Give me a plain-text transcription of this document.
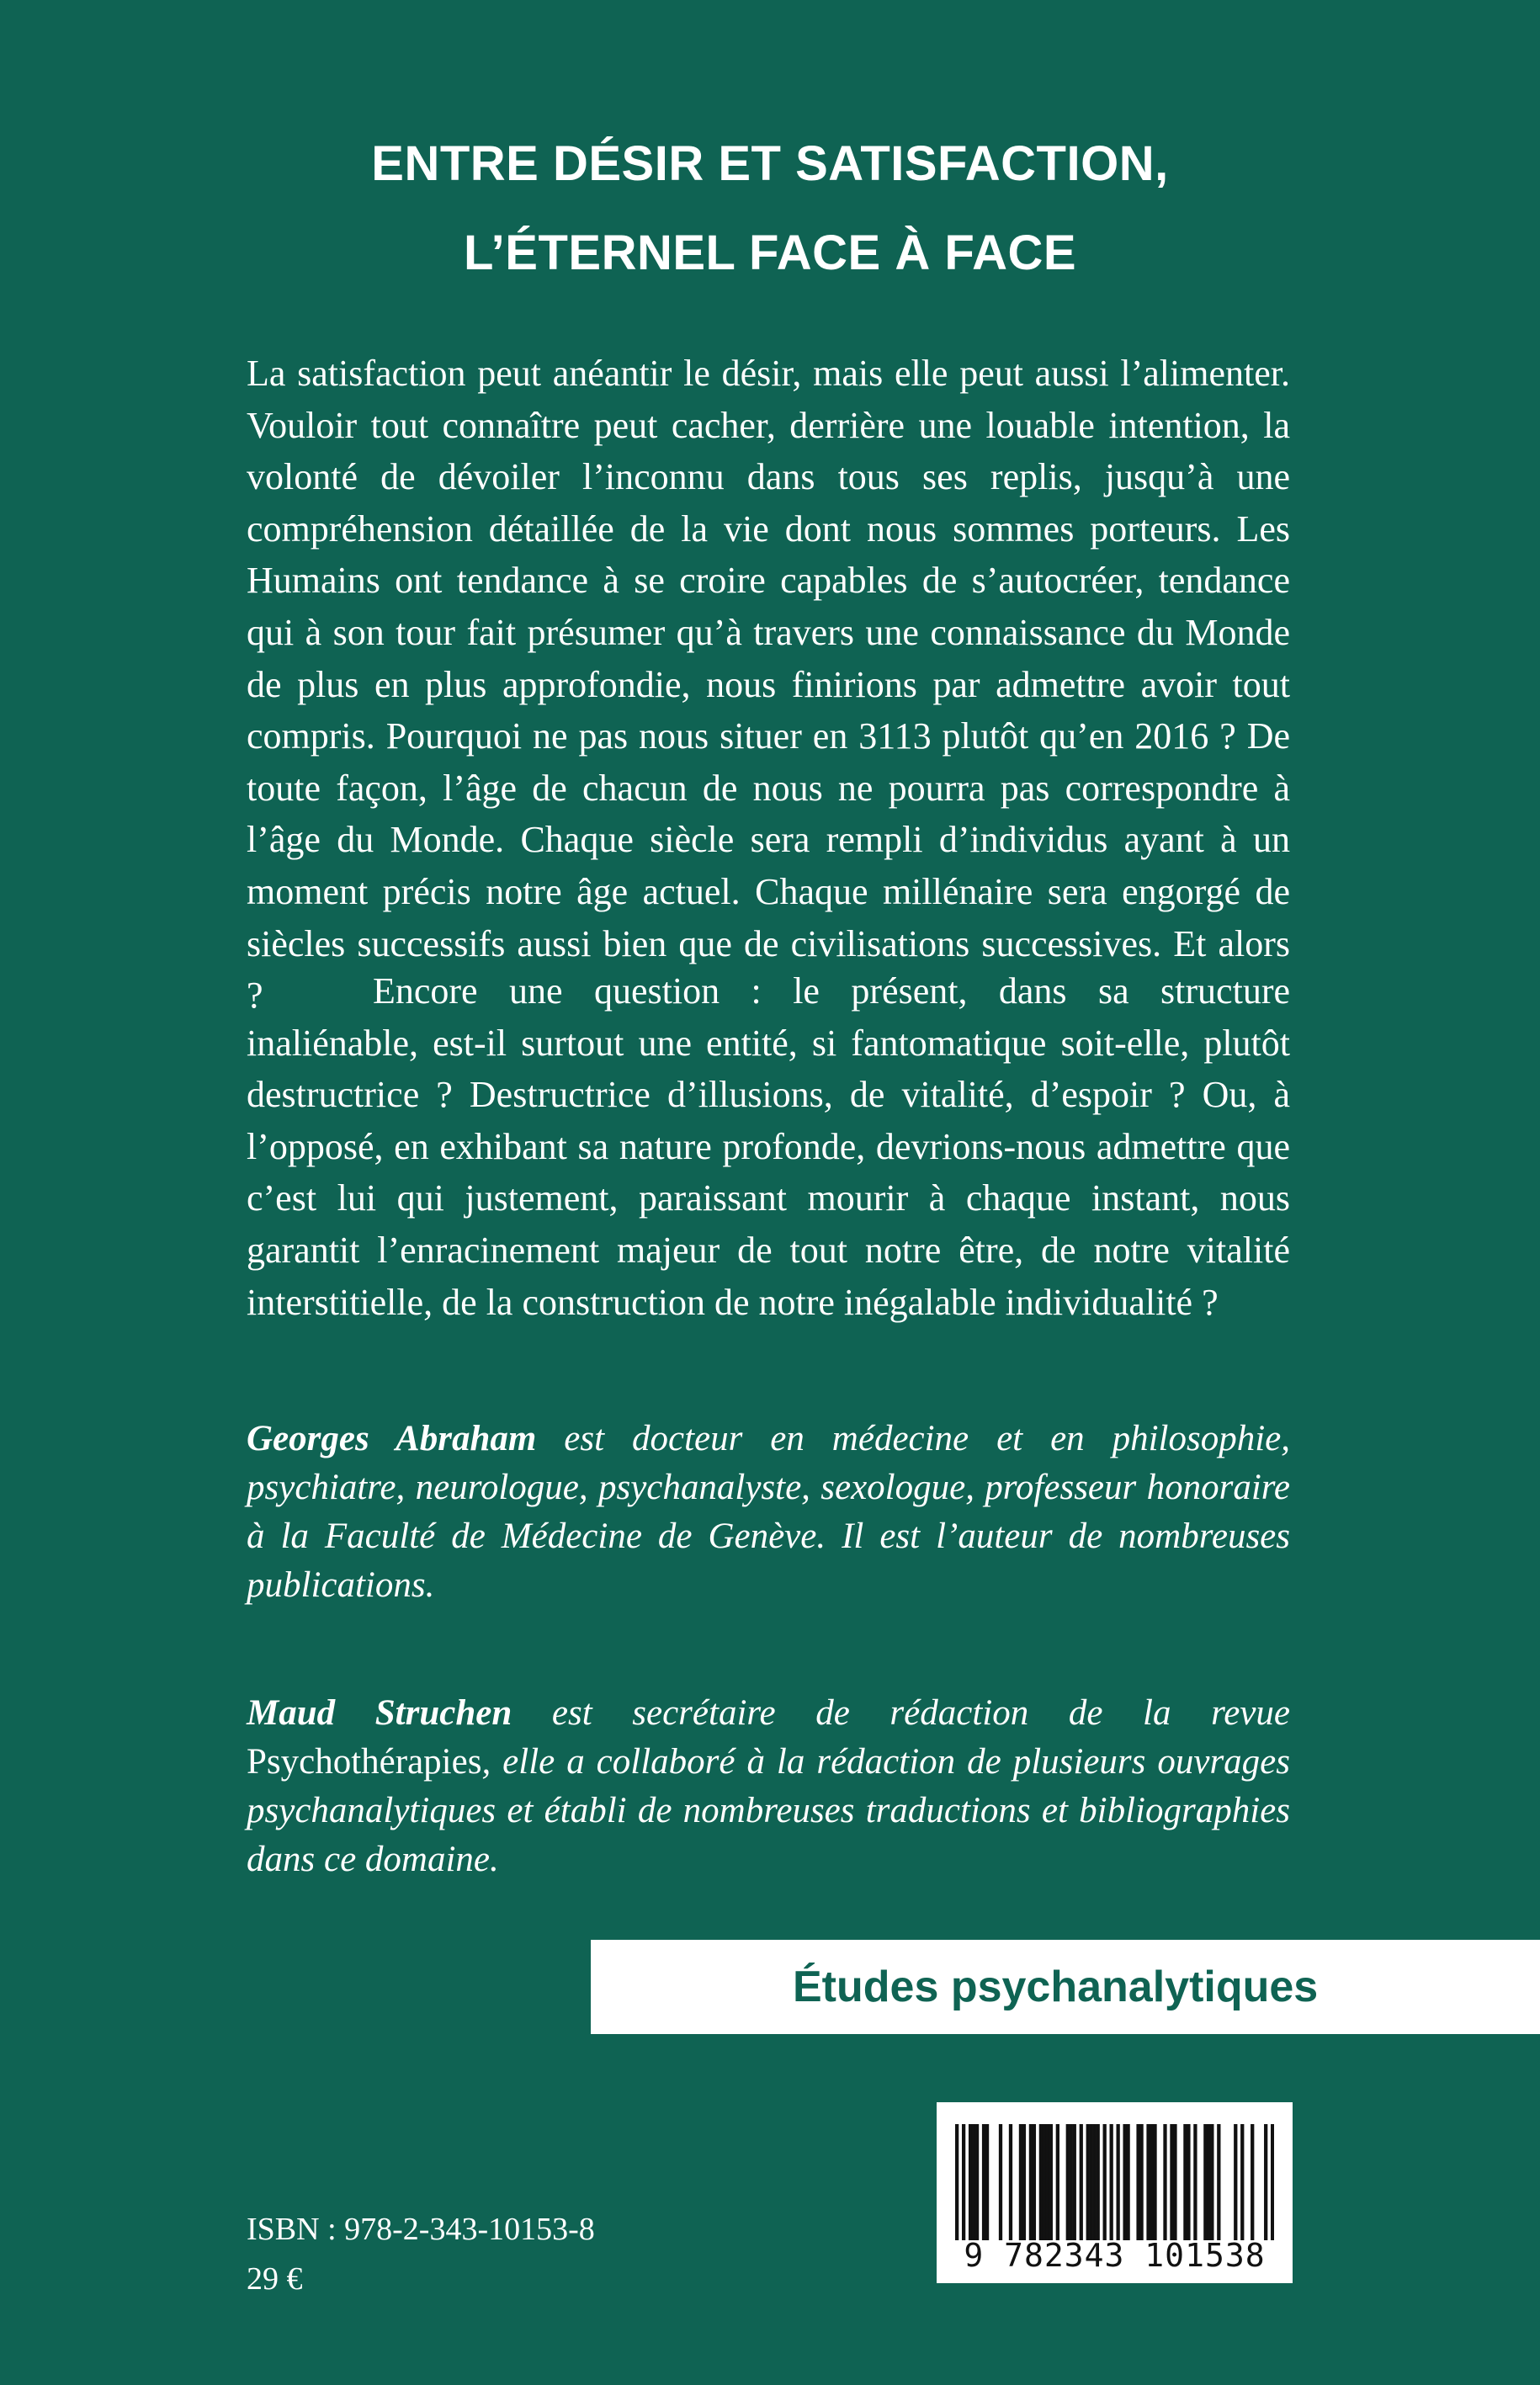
ENTRE DÉSIR ET SATISFACTION,
L’ÉTERNEL FACE À FACE
La satisfaction peut anéantir le désir, mais elle peut aussi l’alimenter. Vouloir tout connaître peut cacher, derrière une louable intention, la volonté de dévoiler l’inconnu dans tous ses replis, jusqu’à une compréhension détaillée de la vie dont nous sommes porteurs. Les Humains ont tendance à se croire capables de s’autocréer, tendance qui à son tour fait présumer qu’à travers une connaissance du Monde de plus en plus approfondie, nous finirions par admettre avoir tout compris. Pourquoi ne pas nous situer en 3113 plutôt qu’en 2016 ? De toute façon, l’âge de chacun de nous ne pourra pas correspondre à l’âge du Monde. Chaque siècle sera rempli d’individus ayant à un moment précis notre âge actuel. Chaque millénaire sera engorgé de siècles successifs aussi bien que de civilisations successives. Et alors ?	Encore une question : le présent, dans sa structure inaliénable, est-il surtout une entité, si fantomatique soit-elle, plutôt destructrice ? Destructrice d’illusions, de vitalité, d’espoir ? Ou, à l’opposé, en exhibant sa nature profonde, devrions-nous admettre que c’est lui qui justement, paraissant mourir à chaque instant, nous garantit l’enracinement majeur de tout notre être, de notre vitalité interstitielle, de la construction de notre inégalable individualité ?
Georges Abraham est docteur en médecine et en philosophie, psychiatre, neurologue, psychanalyste, sexologue, professeur honoraire à la Faculté de Médecine de Genève. Il est l’auteur de nombreuses publications.
Maud Struchen est secrétaire de rédaction de la revue Psychothérapies, elle a collaboré à la rédaction de plusieurs ouvrages psychanalytiques et établi de nombreuses traductions et bibliographies dans ce domaine.
Études psychanalytiques
9 782343 101538
ISBN : 978-2-343-10153-8
29 €
